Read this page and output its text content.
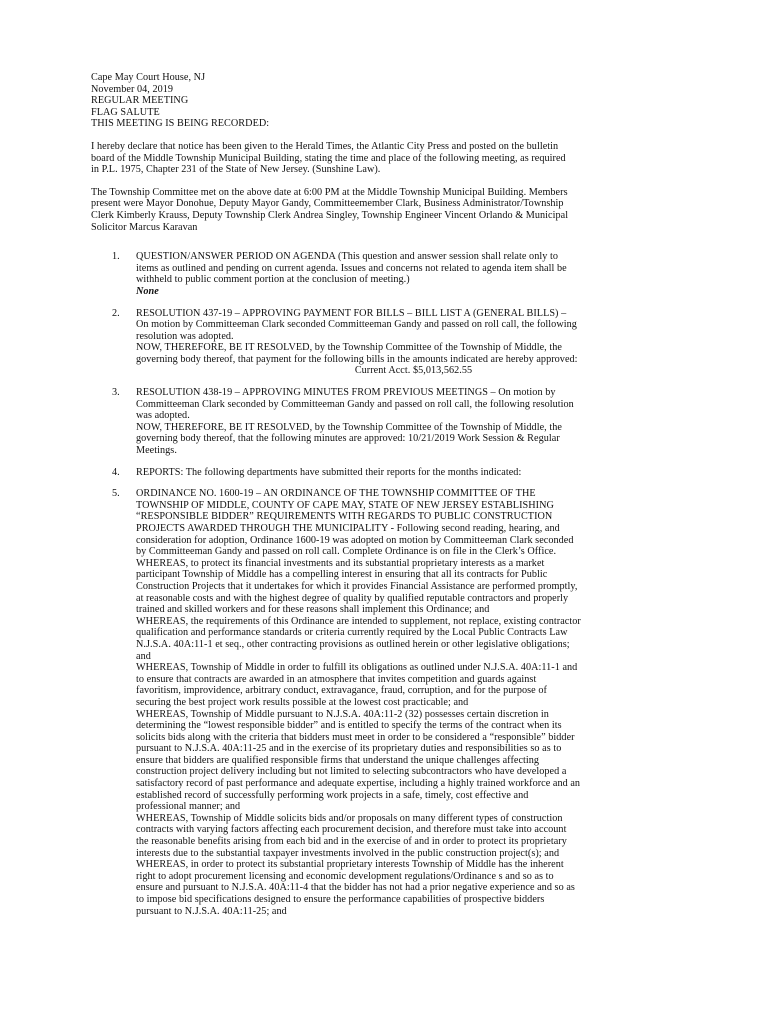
Cape May Court House, NJ
November 04, 2019
REGULAR MEETING
FLAG SALUTE
THIS MEETING IS BEING RECORDED:
I hereby declare that notice has been given to the Herald Times, the Atlantic City Press and posted on the bulletin
board of the Middle Township Municipal Building, stating the time and place of the following meeting, as required
in P.L. 1975, Chapter 231 of the State of New Jersey. (Sunshine Law).
The Township Committee met on the above date at 6:00 PM at the Middle Township Municipal Building. Members
present were Mayor Donohue, Deputy Mayor Gandy, Committeemember Clark, Business Administrator/Township
Clerk Kimberly Krauss, Deputy Township Clerk Andrea Singley, Township Engineer Vincent Orlando & Municipal
Solicitor Marcus Karavan
1. QUESTION/ANSWER PERIOD ON AGENDA (This question and answer session shall relate only to
items as outlined and pending on current agenda. Issues and concerns not related to agenda item shall be
withheld to public comment portion at the conclusion of meeting.)
None
2. RESOLUTION 437-19 – APPROVING PAYMENT FOR BILLS – BILL LIST A (GENERAL BILLS) –
On motion by Committeeman Clark seconded Committeeman Gandy and passed on roll call, the following
resolution was adopted.
NOW, THEREFORE, BE IT RESOLVED, by the Township Committee of the Township of Middle, the
governing body thereof, that payment for the following bills in the amounts indicated are hereby approved:
Current Acct. $5,013,562.55
3. RESOLUTION 438-19 – APPROVING MINUTES FROM PREVIOUS MEETINGS – On motion by
Committeeman Clark seconded by Committeeman Gandy and passed on roll call, the following resolution
was adopted.
NOW, THEREFORE, BE IT RESOLVED, by the Township Committee of the Township of Middle, the
governing body thereof, that the following minutes are approved: 10/21/2019 Work Session & Regular
Meetings.
4. REPORTS: The following departments have submitted their reports for the months indicated:
5. ORDINANCE NO. 1600-19 – AN ORDINANCE OF THE TOWNSHIP COMMITTEE OF THE
TOWNSHIP OF MIDDLE, COUNTY OF CAPE MAY, STATE OF NEW JERSEY ESTABLISHING
“RESPONSIBLE BIDDER” REQUIREMENTS WITH REGARDS TO PUBLIC CONSTRUCTION
PROJECTS AWARDED THROUGH THE MUNICIPALITY - Following second reading, hearing, and
consideration for adoption, Ordinance 1600-19 was adopted on motion by Committeeman Clark seconded
by Committeeman Gandy and passed on roll call. Complete Ordinance is on file in the Clerk’s Office.
WHEREAS, to protect its financial investments and its substantial proprietary interests as a market
participant Township of Middle has a compelling interest in ensuring that all its contracts for Public
Construction Projects that it undertakes for which it provides Financial Assistance are performed promptly,
at reasonable costs and with the highest degree of quality by qualified reputable contractors and properly
trained and skilled workers and for these reasons shall implement this Ordinance; and
WHEREAS, the requirements of this Ordinance are intended to supplement, not replace, existing contractor
qualification and performance standards or criteria currently required by the Local Public Contracts Law
N.J.S.A. 40A:11-1 et seq., other contracting provisions as outlined herein or other legislative obligations;
and
WHEREAS, Township of Middle in order to fulfill its obligations as outlined under N.J.S.A. 40A:11-1 and
to ensure that contracts are awarded in an atmosphere that invites competition and guards against
favoritism, improvidence, arbitrary conduct, extravagance, fraud, corruption, and for the purpose of
securing the best project work results possible at the lowest cost practicable; and
WHEREAS, Township of Middle pursuant to N.J.S.A. 40A:11-2 (32) possesses certain discretion in
determining the “lowest responsible bidder” and is entitled to specify the terms of the contract when its
solicits bids along with the criteria that bidders must meet in order to be considered a “responsible” bidder
pursuant to N.J.S.A. 40A:11-25 and in the exercise of its proprietary duties and responsibilities so as to
ensure that bidders are qualified responsible firms that understand the unique challenges affecting
construction project delivery including but not limited to selecting subcontractors who have developed a
satisfactory record of past performance and adequate expertise, including a highly trained workforce and an
established record of successfully performing work projects in a safe, timely, cost effective and
professional manner; and
WHEREAS, Township of Middle solicits bids and/or proposals on many different types of construction
contracts with varying factors affecting each procurement decision, and therefore must take into account
the reasonable benefits arising from each bid and in the exercise of and in order to protect its proprietary
interests due to the substantial taxpayer investments involved in the public construction project(s); and
WHEREAS, in order to protect its substantial proprietary interests Township of Middle has the inherent
right to adopt procurement licensing and economic development regulations/Ordinance s and so as to
ensure and pursuant to N.J.S.A. 40A:11-4 that the bidder has not had a prior negative experience and so as
to impose bid specifications designed to ensure the performance capabilities of prospective bidders
pursuant to N.J.S.A. 40A:11-25; and
